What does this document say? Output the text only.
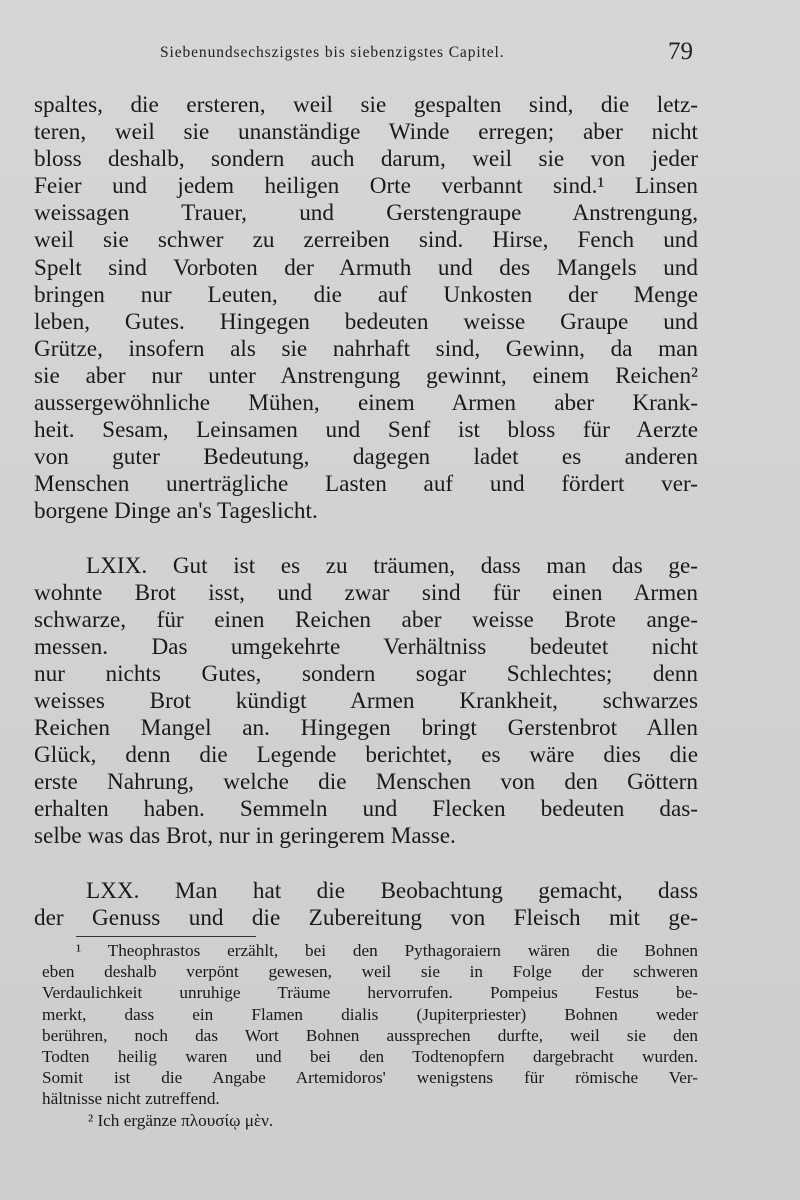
Siebenundsechszigstes bis siebenzigstes Capitel.	79
spaltes, die ersteren, weil sie gespalten sind, die letz-
teren, weil sie unanständige Winde erregen; aber nicht
bloss deshalb, sondern auch darum, weil sie von jeder
Feier und jedem heiligen Orte verbannt sind.¹ Linsen
weissagen Trauer, und Gerstengraupe Anstrengung,
weil sie schwer zu zerreiben sind. Hirse, Fench und
Spelt sind Vorboten der Armuth und des Mangels und
bringen nur Leuten, die auf Unkosten der Menge
leben, Gutes. Hingegen bedeuten weisse Graupe und
Grütze, insofern als sie nahrhaft sind, Gewinn, da man
sie aber nur unter Anstrengung gewinnt, einem Reichen²
aussergewöhnliche Mühen, einem Armen aber Krank-
heit. Sesam, Leinsamen und Senf ist bloss für Aerzte
von guter Bedeutung, dagegen ladet es anderen
Menschen unerträgliche Lasten auf und fördert ver-
borgene Dinge an's Tageslicht.
LXIX. Gut ist es zu träumen, dass man das ge-
wohnte Brot isst, und zwar sind für einen Armen
schwarze, für einen Reichen aber weisse Brote ange-
messen. Das umgekehrte Verhältniss bedeutet nicht
nur nichts Gutes, sondern sogar Schlechtes; denn
weisses Brot kündigt Armen Krankheit, schwarzes
Reichen Mangel an. Hingegen bringt Gerstenbrot Allen
Glück, denn die Legende berichtet, es wäre dies die
erste Nahrung, welche die Menschen von den Göttern
erhalten haben. Semmeln und Flecken bedeuten das-
selbe was das Brot, nur in geringerem Masse.
LXX. Man hat die Beobachtung gemacht, dass
der Genuss und die Zubereitung von Fleisch mit ge-
¹ Theophrastos erzählt, bei den Pythagoraiern wären die Bohnen
eben deshalb verpönt gewesen, weil sie in Folge der schweren
Verdaulichkeit unruhige Träume hervorrufen. Pompeius Festus be-
merkt, dass ein Flamen dialis (Jupiterpriester) Bohnen weder
berühren, noch das Wort Bohnen aussprechen durfte, weil sie den
Todten heilig waren und bei den Todtenopfern dargebracht wurden.
Somit ist die Angabe Artemidoros' wenigstens für römische Ver-
hältnisse nicht zutreffend.
² Ich ergänze πλουσίῳ μὲν.
